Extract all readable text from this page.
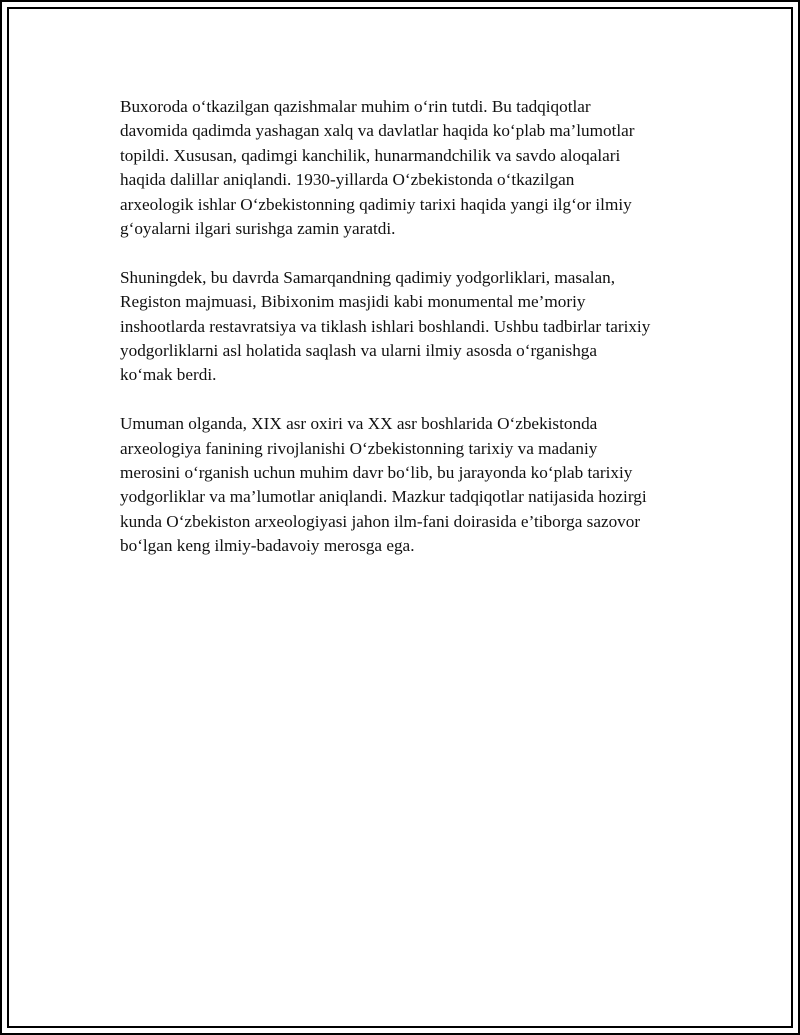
Buxoroda o‘tkazilgan qazishmalar muhim o‘rin tutdi. Bu tadqiqotlar
davomida qadimda yashagan xalq va davlatlar haqida ko‘plab ma’lumotlar
topildi. Xususan, qadimgi kanchilik, hunarmandchilik va savdo aloqalari
haqida dalillar aniqlandi. 1930-yillarda O‘zbekistonda o‘tkazilgan
arxeologik ishlar O‘zbekistonning qadimiy tarixi haqida yangi ilg‘or ilmiy
g‘oyalarni ilgari surishga zamin yaratdi.

Shuningdek, bu davrda Samarqandning qadimiy yodgorliklari, masalan,
Registon majmuasi, Bibixonim masjidi kabi monumental me’moriy
inshootlarda restavratsiya va tiklash ishlari boshlandi. Ushbu tadbirlar tarixiy
yodgorliklarni asl holatida saqlash va ularni ilmiy asosda o‘rganishga
ko‘mak berdi.

Umuman olganda, XIX asr oxiri va XX asr boshlarida O‘zbekistonda
arxeologiya fanining rivojlanishi O‘zbekistonning tarixiy va madaniy
merosini o‘rganish uchun muhim davr bo‘lib, bu jarayonda ko‘plab tarixiy
yodgorliklar va ma’lumotlar aniqlandi. Mazkur tadqiqotlar natijasida hozirgi
kunda O‘zbekiston arxeologiyasi jahon ilm-fani doirasida e’tiborga sazovor
bo‘lgan keng ilmiy-badavoiy merosga ega.
